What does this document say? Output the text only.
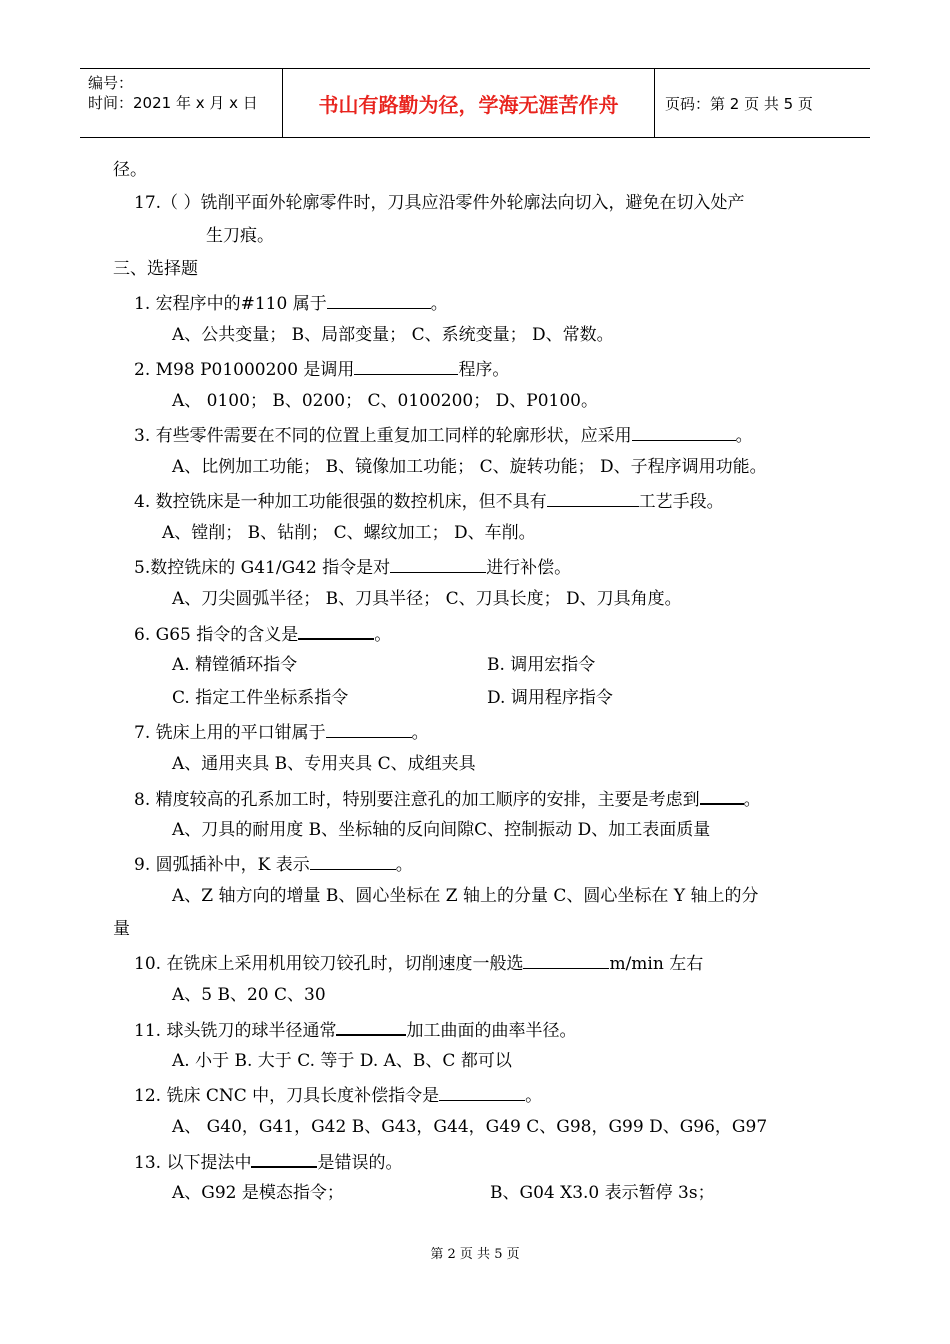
编号：
时间：2021 年 x 月 x 日	书山有路勤为径，学海无涯苦作舟	页码：第 2 页 共 5 页
径。
17.（ ）铣削平面外轮廓零件时，刀具应沿零件外轮廓法向切入，避免在切入处产
生刀痕。
三、选择题
1. 宏程序中的#110 属于	。
A、公共变量； B、局部变量； C、系统变量； D、常数。
2. M98 P01000200 是调用	程序。
A、 0100； B、0200； C、0100200； D、P0100。
3. 有些零件需要在不同的位置上重复加工同样的轮廓形状，应采用	。
A、比例加工功能； B、镜像加工功能； C、旋转功能； D、子程序调用功能。
4. 数控铣床是一种加工功能很强的数控机床，但不具有	工艺手段。
A、镗削； B、钻削； C、螺纹加工； D、车削。
5.数控铣床的 G41/G42 指令是对	进行补偿。
A、刀尖圆弧半径； B、刀具半径； C、刀具长度； D、刀具角度。
6. G65 指令的含义是	。
A. 精镗循环指令	B. 调用宏指令
C. 指定工件坐标系指令	D. 调用程序指令
7. 铣床上用的平口钳属于	。
A、通用夹具 B、专用夹具 C、成组夹具
8. 精度较高的孔系加工时，特别要注意孔的加工顺序的安排，主要是考虑到	。
A、刀具的耐用度 B、坐标轴的反向间隙C、控制振动 D、加工表面质量
9. 圆弧插补中，K 表示	。
A、Z 轴方向的增量 B、圆心坐标在 Z 轴上的分量 C、圆心坐标在 Y 轴上的分
量
10. 在铣床上采用机用铰刀铰孔时，切削速度一般选	m/min 左右
A、5 B、20 C、30
11. 球头铣刀的球半径通常	加工曲面的曲率半径。
A. 小于 B. 大于 C. 等于 D. A、B、C 都可以
12. 铣床 CNC 中，刀具长度补偿指令是	。
A、 G40，G41，G42 B、G43，G44，G49 C、G98，G99 D、G96，G97
13. 以下提法中	是错误的。
A、G92 是模态指令；	B、G04 X3.0 表示暂停 3s；
第 2 页 共 5 页
